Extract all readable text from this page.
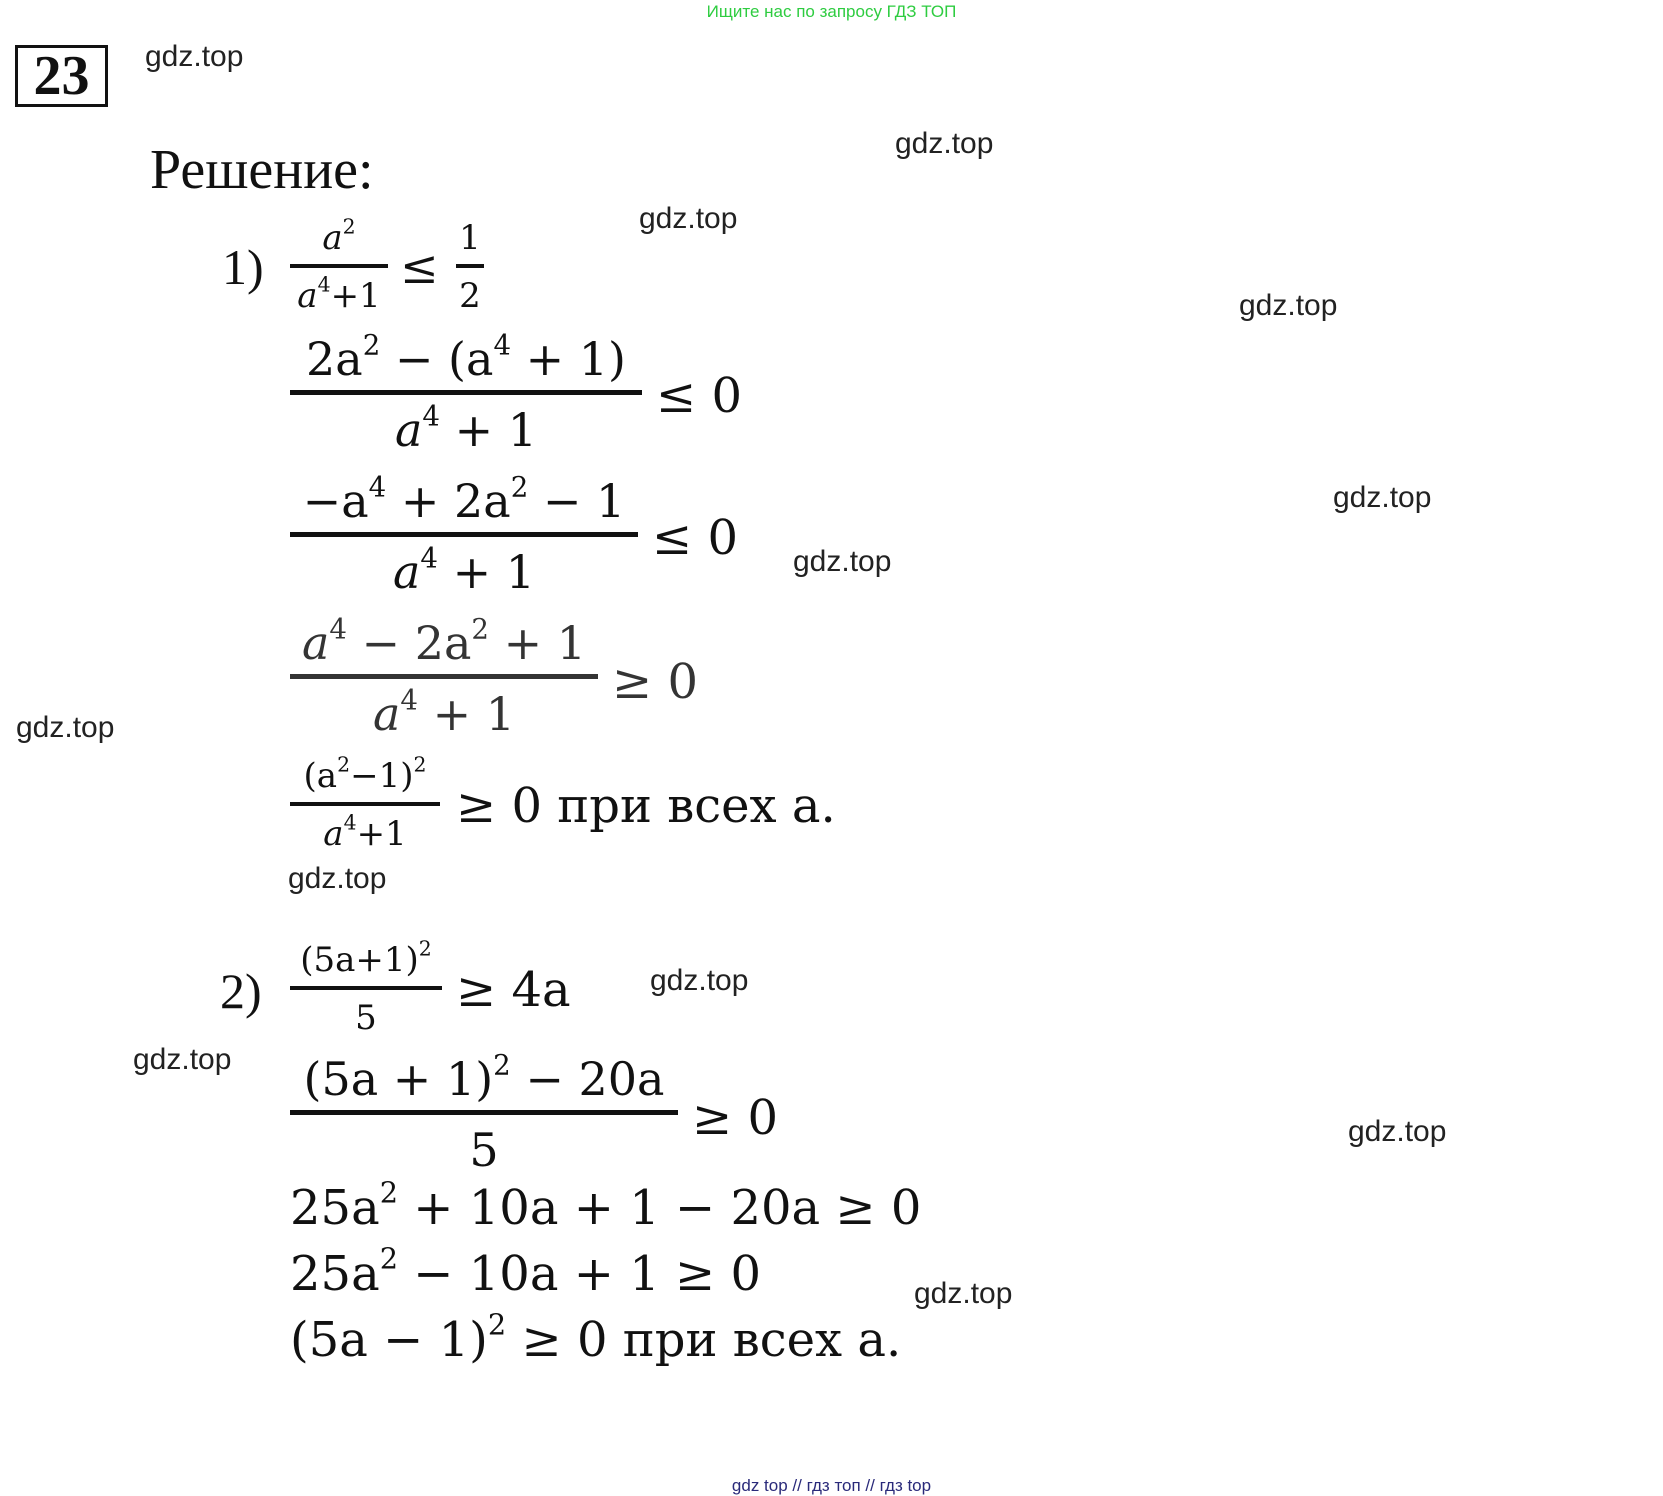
Ищите нас по запросу ГДЗ ТОП
23
Решение:
gdz.top
gdz.top
gdz.top
gdz.top
gdz.top
gdz.top
gdz.top
gdz.top
gdz.top
gdz.top
gdz.top
gdz.top
1)
$a^2$
$a^4+1$
≤
1
2
$2a^2 - (a^4 + 1)$
$a^4 + 1$
≤ 0
$-a^4 + 2a^2 - 1$
$a^4 + 1$
≤ 0
$a^4 - 2a^2 + 1$
$a^4 + 1$
≥ 0
$(a^2-1)^2$
$a^4+1 \ge 0$ при всех a.
2)
$(5a+1)^2$
5 ≥ 4a
$(5a + 1)^2 - 20a$
5
≥ 0
$25a^2 + 10a + 1 - 20a \ge 0$
$25a^2 - 10a + 1 \ge 0$
$(5a - 1)^2 \ge 0$ при всех a.
gdz top // гдз топ // гдз top
